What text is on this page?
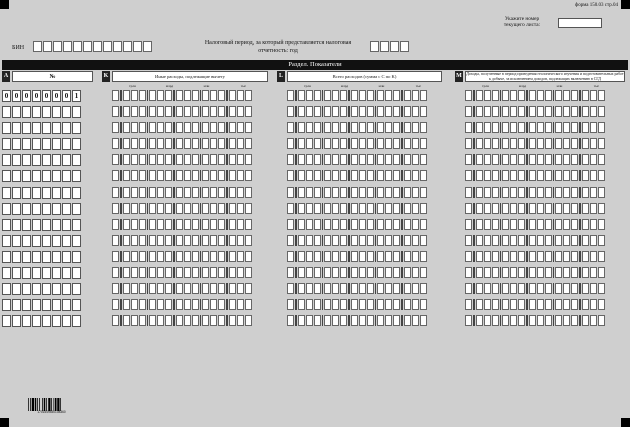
форма 150.03 стр.04
Укажите номер текущего листа:
БИН
Налоговый период, за который представляется налоговая отчетность: год
Раздел. Показатели
A	№	K	Иные расходы, подлежащие вычету	L	Всего расходов (сумма с C по K)	M	Доходы, полученные в период проведения геологического изучения и подготовительных работ к добыче, за исключением доходов, подлежащих включению в СГД
трлн	млрд	млн	тыс	трлн	млрд	млн	тыс	трлн	млрд	млн	тыс
0 0 0 0 0 0 0 1
1701549450108360
